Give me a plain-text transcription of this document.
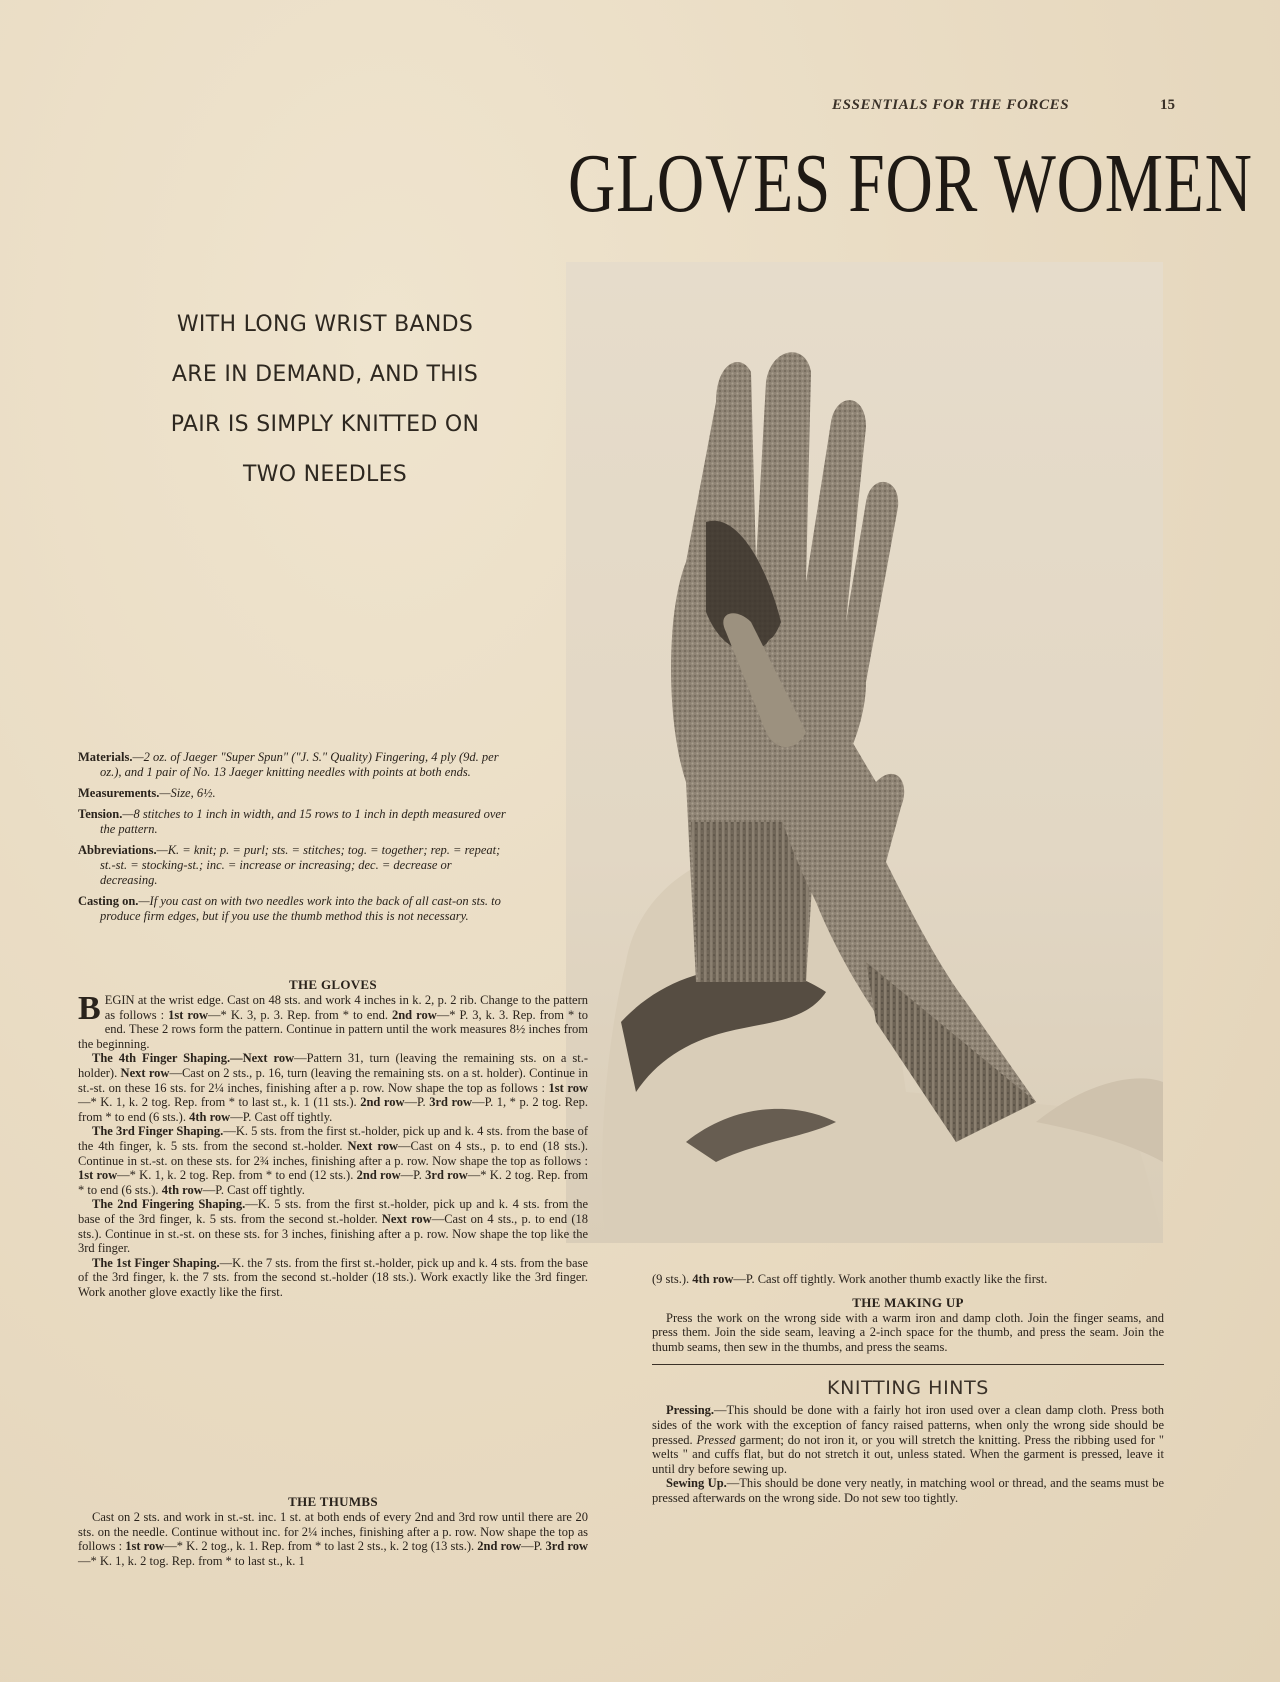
ESSENTIALS FOR THE FORCES	15
GLOVES FOR WOMEN
WITH LONG WRIST BANDS
ARE IN DEMAND, AND THIS
PAIR IS SIMPLY KNITTED ON
TWO NEEDLES
Materials.—2 oz. of Jaeger "Super Spun" ("J. S." Quality) Fingering, 4 ply (9d. per oz.), and 1 pair of No. 13 Jaeger knitting needles with points at both ends.
Measurements.—Size, 6½.
Tension.—8 stitches to 1 inch in width, and 15 rows to 1 inch in depth measured over the pattern.
Abbreviations.—K. = knit; p. = purl; sts. = stitches; tog. = together; rep. = repeat; st.-st. = stocking-st.; inc. = increase or increasing; dec. = decrease or decreasing.
Casting on.—If you cast on with two needles work into the back of all cast-on sts. to produce firm edges, but if you use the thumb method this is not necessary.
THE GLOVES

BEGIN at the wrist edge. Cast on 48 sts. and work 4 inches in k. 2, p. 2 rib. Change to the pattern as follows : 1st row—* K. 3, p. 3. Rep. from * to end. 2nd row—* P. 3, k. 3. Rep. from * to end. These 2 rows form the pattern. Continue in pattern until the work measures 8½ inches from the beginning.

The 4th Finger Shaping.—Next row—Pattern 31, turn (leaving the remaining sts. on a st.-holder). Next row—Cast on 2 sts., p. 16, turn (leaving the remaining sts. on a st. holder). Continue in st.-st. on these 16 sts. for 2¼ inches, finishing after a p. row. Now shape the top as follows : 1st row—* K. 1, k. 2 tog. Rep. from * to last st., k. 1 (11 sts.). 2nd row—P. 3rd row—P. 1, * p. 2 tog. Rep. from * to end (6 sts.). 4th row—P. Cast off tightly.

The 3rd Finger Shaping.—K. 5 sts. from the first st.-holder, pick up and k. 4 sts. from the base of the 4th finger, k. 5 sts. from the second st.-holder. Next row—Cast on 4 sts., p. to end (18 sts.). Continue in st.-st. on these sts. for 2¾ inches, finishing after a p. row. Now shape the top as follows : 1st row—* K. 1, k. 2 tog. Rep. from * to end (12 sts.). 2nd row—P. 3rd row—* K. 2 tog. Rep. from * to end (6 sts.). 4th row—P. Cast off tightly.

The 2nd Fingering Shaping.—K. 5 sts. from the first st.-holder, pick up and k. 4 sts. from the base of the 3rd finger, k. 5 sts. from the second st.-holder. Next row—Cast on 4 sts., p. to end (18 sts.). Continue in st.-st. on these sts. for 3 inches, finishing after a p. row. Now shape the top like the 3rd finger.

The 1st Finger Shaping.—K. the 7 sts. from the first st.-holder, pick up and k. 4 sts. from the base of the 3rd finger, k. the 7 sts. from the second st.-holder (18 sts.). Work exactly like the 3rd finger. Work another glove exactly like the first.

THE THUMBS

Cast on 2 sts. and work in st.-st. inc. 1 st. at both ends of every 2nd and 3rd row until there are 20 sts. on the needle. Continue without inc. for 2¼ inches, finishing after a p. row. Now shape the top as follows : 1st row—* K. 2 tog., k. 1. Rep. from * to last 2 sts., k. 2 tog (13 sts.). 2nd row—P. 3rd row—* K. 1, k. 2 tog. Rep. from * to last st., k. 1

(9 sts.). 4th row—P. Cast off tightly. Work another thumb exactly like the first.

THE MAKING UP

Press the work on the wrong side with a warm iron and damp cloth. Join the finger seams, and press them. Join the side seam, leaving a 2-inch space for the thumb, and press the seam. Join the thumb seams, then sew in the thumbs, and press the seams.

KNITTING HINTS

Pressing.—This should be done with a fairly hot iron used over a clean damp cloth. Press both sides of the work with the exception of fancy raised patterns, when only the wrong side should be pressed. Pressed garment; do not iron it, or you will stretch the knitting. Press the ribbing used for " welts " and cuffs flat, but do not stretch it out, unless stated. When the garment is pressed, leave it until dry before sewing up.

Sewing Up.—This should be done very neatly, in matching wool or thread, and the seams must be pressed afterwards on the wrong side. Do not sew too tightly.
